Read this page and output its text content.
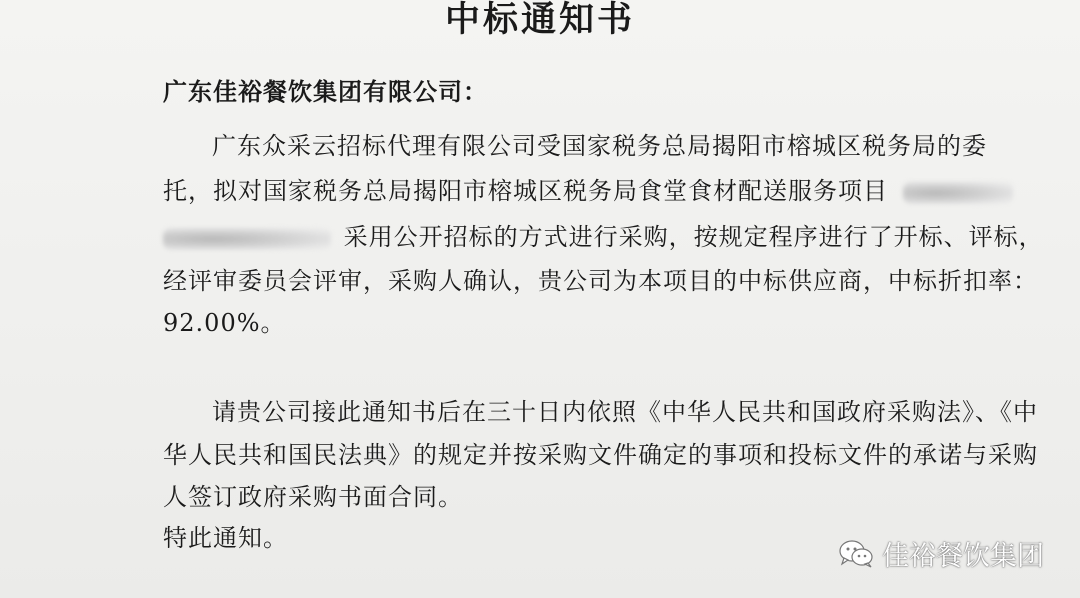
中标通知书
广东佳裕餐饮集团有限公司：
广东众采云招标代理有限公司受国家税务总局揭阳市榕城区税务局的委
托，拟对国家税务总局揭阳市榕城区税务局食堂食材配送服务项目
采用公开招标的方式进行采购，按规定程序进行了开标、评标，
经评审委员会评审，采购人确认，贵公司为本项目的中标供应商，中标折扣率：
92.00%。
请贵公司接此通知书后在三十日内依照《中华人民共和国政府采购法》、《中
华人民共和国民法典》的规定并按采购文件确定的事项和投标文件的承诺与采购
人签订政府采购书面合同。
特此通知。
佳裕餐饮集团
